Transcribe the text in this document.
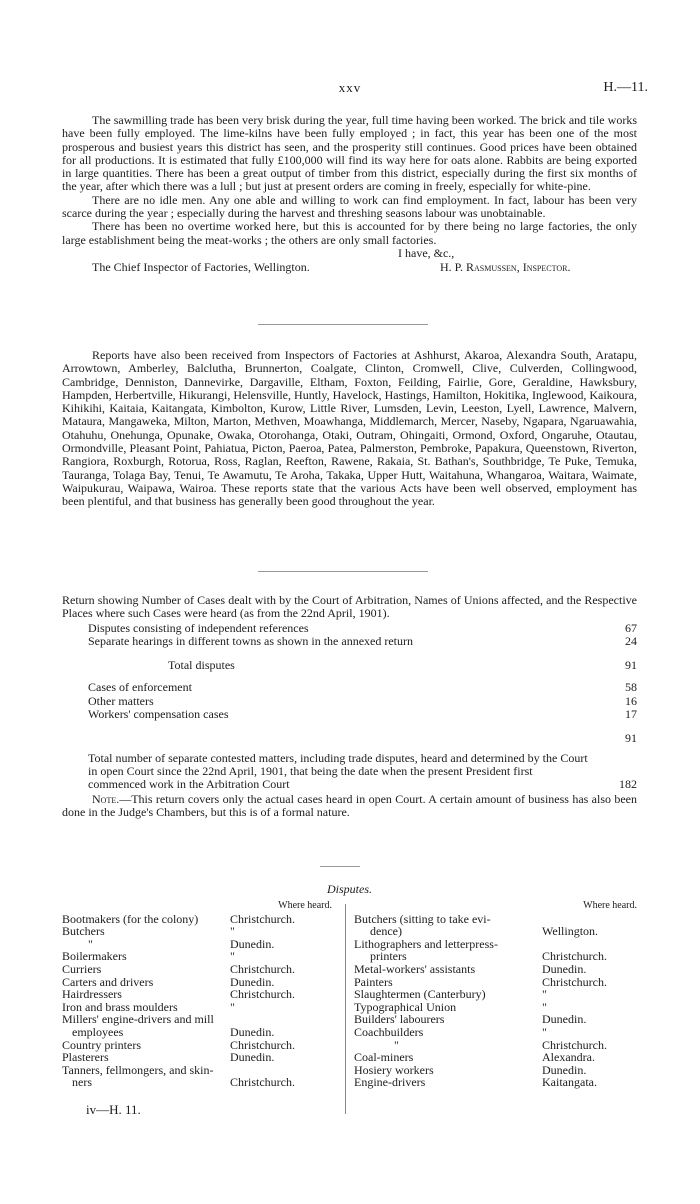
xxv	H.—11.

The sawmilling trade has been very brisk during the year, full time having been worked. The brick and tile works have been fully employed. The lime-kilns have been fully employed ; in fact, this year has been one of the most prosperous and busiest years this district has seen, and the prosperity still continues. Good prices have been obtained for all productions. It is estimated that fully £100,000 will find its way here for oats alone. Rabbits are being exported in large quantities. There has been a great output of timber from this district, especially during the first six months of the year, after which there was a lull ; but just at present orders are coming in freely, especially for white-pine.

There are no idle men. Any one able and willing to work can find employment. In fact, labour has been very scarce during the year ; especially during the harvest and threshing seasons labour was unobtainable.

There has been no overtime worked here, but this is accounted for by there being no large factories, the only large establishment being the meat-works ; the others are only small factories.

I have, &c.,
The Chief Inspector of Factories, Wellington.	H. P. Rasmussen, Inspector.

Reports have also been received from Inspectors of Factories at Ashhurst, Akaroa, Alexandra South, Aratapu, Arrowtown, Amberley, Balclutha, Brunnerton, Coalgate, Clinton, Cromwell, Clive, Culverden, Collingwood, Cambridge, Denniston, Dannevirke, Dargaville, Eltham, Foxton, Feilding, Fairlie, Gore, Geraldine, Hawksbury, Hampden, Herbertville, Hikurangi, Helensville, Huntly, Havelock, Hastings, Hamilton, Hokitika, Inglewood, Kaikoura, Kihikihi, Kaitaia, Kaitangata, Kimbolton, Kurow, Little River, Lumsden, Levin, Leeston, Lyell, Lawrence, Malvern, Mataura, Mangaweka, Milton, Marton, Methven, Moawhanga, Middlemarch, Mercer, Naseby, Ngapara, Ngaruawahia, Otahuhu, Onehunga, Opunake, Owaka, Otorohanga, Otaki, Outram, Ohingaiti, Ormond, Oxford, Ongaruhe, Otautau, Ormondville, Pleasant Point, Pahiatua, Picton, Paeroa, Patea, Palmerston, Pembroke, Papakura, Queenstown, Riverton, Rangiora, Roxburgh, Rotorua, Ross, Raglan, Reefton, Rawene, Rakaia, St. Bathan's, Southbridge, Te Puke, Temuka, Tauranga, Tolaga Bay, Tenui, Te Awamutu, Te Aroha, Takaka, Upper Hutt, Waitahuna, Whangaroa, Waitara, Waimate, Waipukurau, Waipawa, Wairoa. These reports state that the various Acts have been well observed, employment has been plentiful, and that business has generally been good throughout the year.

Return showing Number of Cases dealt with by the Court of Arbitration, Names of Unions affected, and the Respective Places where such Cases were heard (as from the 22nd April, 1901).

Disputes consisting of independent references	67
Separate hearings in different towns as shown in the annexed return	24
Total disputes	91
Cases of enforcement	58
Other matters	16
Workers' compensation cases	17
91

Total number of separate contested matters, including trade disputes, heard and determined by the Court in open Court since the 22nd April, 1901, that being the date when the present President first commenced work in the Arbitration Court	182

Note.—This return covers only the actual cases heard in open Court. A certain amount of business has also been done in the Judge's Chambers, but this is of a formal nature.

Disputes.
Where heard.
Bootmakers (for the colony)	Christchurch.
Butchers	"
"	Dunedin.
Boilermakers	"
Curriers	Christchurch.
Carters and drivers	Dunedin.
Hairdressers	Christchurch.
Iron and brass moulders	"
Millers' engine-drivers and mill
employees	Dunedin.
Country printers	Christchurch.
Plasterers	Dunedin.
Tanners, fellmongers, and skin-
ners	Christchurch.
Where heard.
Butchers (sitting to take evi-
dence)	Wellington.
Lithographers and letterpress-
printers	Christchurch.
Metal-workers' assistants	Dunedin.
Painters	Christchurch.
Slaughtermen (Canterbury)	"
Typographical Union	"
Builders' labourers	Dunedin.
Coachbuilders	"
"	Christchurch.
Coal-miners	Alexandra.
Hosiery workers	Dunedin.
Engine-drivers	Kaitangata.
iv—H. 11.
